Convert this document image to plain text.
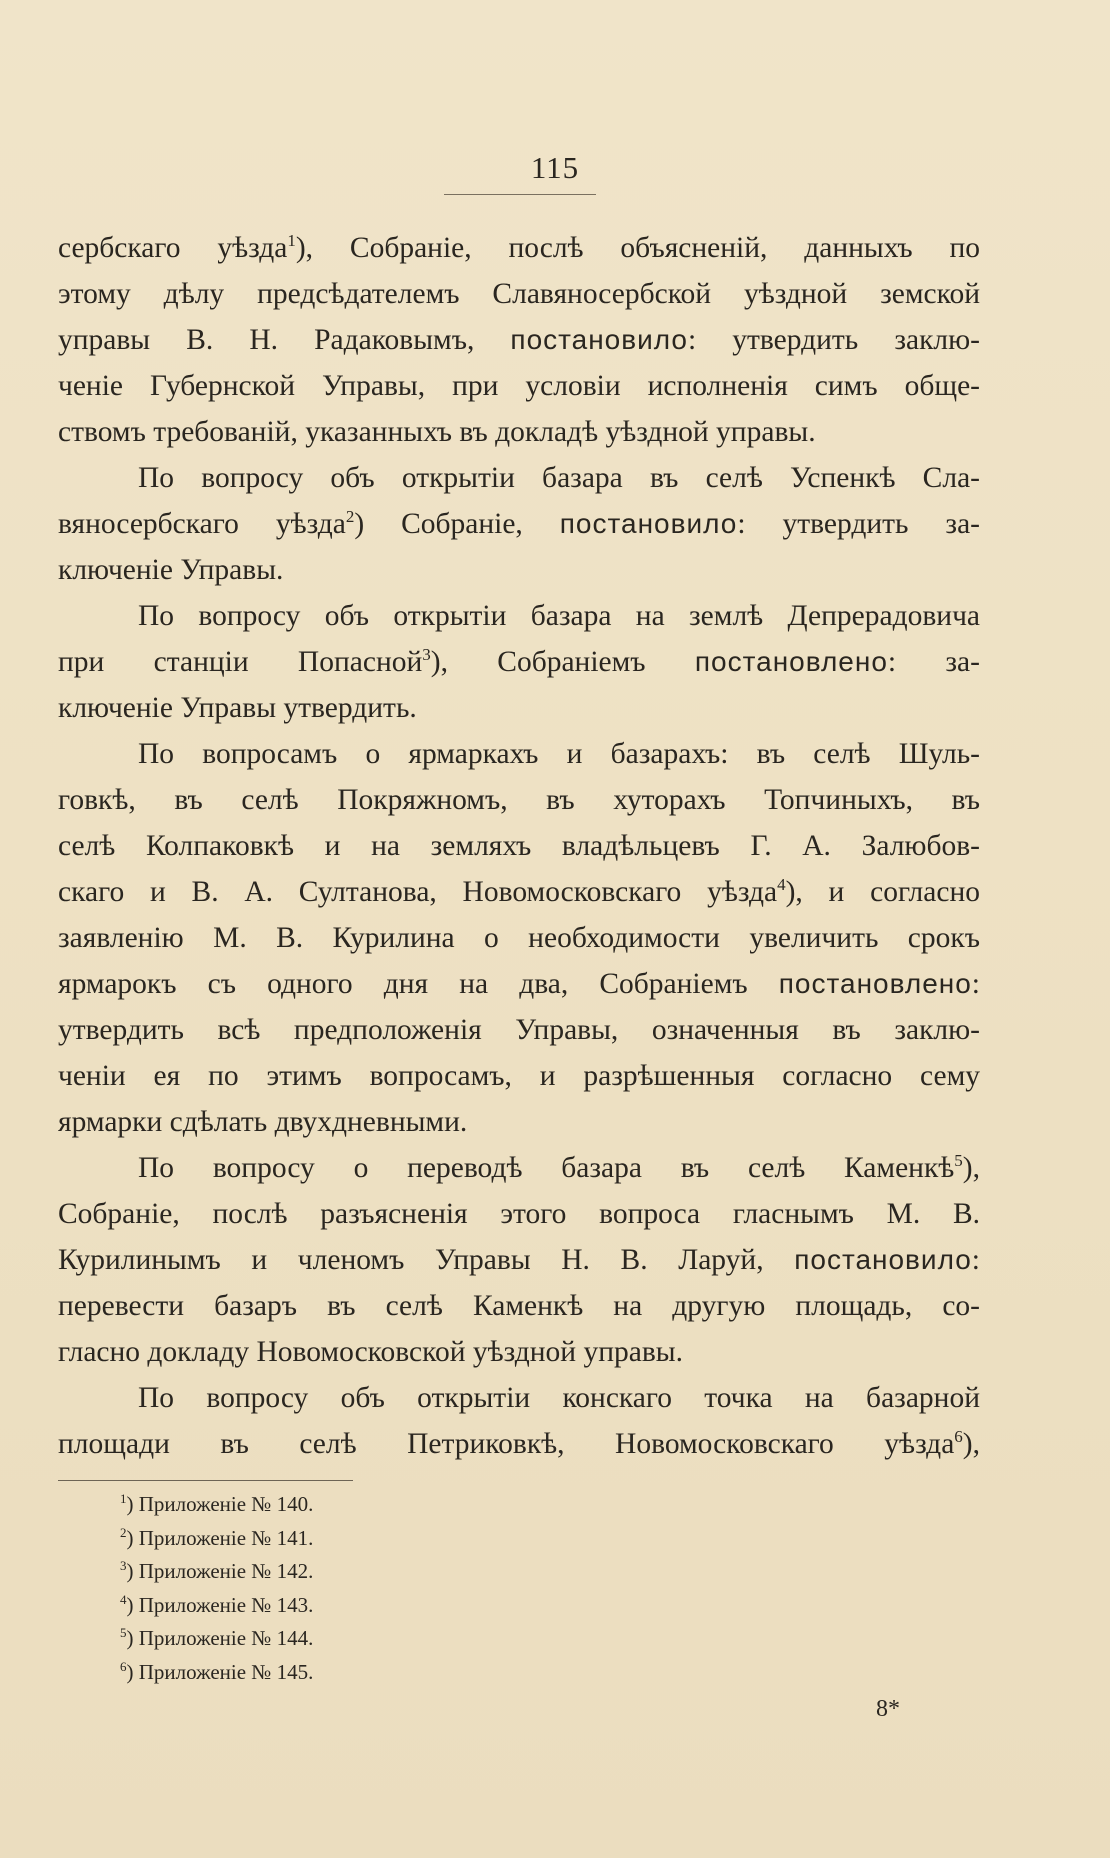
115
сербскаго уѣзда$^1$), Собраніе, послѣ объясненій, данныхъ по
этому дѣлу предсѣдателемъ Славяносербской уѣздной земской
управы В. Н. Радаковымъ, постановило: утвердить заклю-
ченіе Губернской Управы, при условіи исполненія симъ обще-
ствомъ требованій, указанныхъ въ докладѣ уѣздной управы.
По вопросу объ открытіи базара въ селѣ Успенкѣ Сла-
вяносербскаго уѣзда$^2$) Собраніе, постановило: утвердить за-
ключеніе Управы.
По вопросу объ открытіи базара на землѣ Депрерадовича
при станціи Попасной$^3$), Собраніемъ постановлено: за-
ключеніе Управы утвердить.
По вопросамъ о ярмаркахъ и базарахъ: въ селѣ Шуль-
говкѣ, въ селѣ Покряжномъ, въ хуторахъ Топчиныхъ, въ
селѣ Колпаковкѣ и на земляхъ владѣльцевъ Г. А. Залюбов-
скаго и В. А. Султанова, Новомосковскаго уѣзда$^4$), и согласно
заявленію М. В. Курилина о необходимости увеличить срокъ
ярмарокъ съ одного дня на два, Собраніемъ постановлено:
утвердить всѣ предположенія Управы, означенныя въ заклю-
ченіи ея по этимъ вопросамъ, и разрѣшенныя согласно сему
ярмарки сдѣлать двухдневными.
По вопросу о переводѣ базара въ селѣ Каменкѣ$^5$),
Собраніе, послѣ разъясненія этого вопроса гласнымъ М. В.
Курилинымъ и членомъ Управы Н. В. Ларуй, постановило:
перевести базаръ въ селѣ Каменкѣ на другую площадь, со-
гласно докладу Новомосковской уѣздной управы.
По вопросу объ открытіи конскаго точка на базарной
площади въ селѣ Петриковкѣ, Новомосковскаго уѣзда$^6$),
$^1$) Приложеніе № 140.
$^2$) Приложеніе № 141.
$^3$) Приложеніе № 142.
$^4$) Приложеніе № 143.
$^5$) Приложеніе № 144.
$^6$) Приложеніе № 145.
8*
